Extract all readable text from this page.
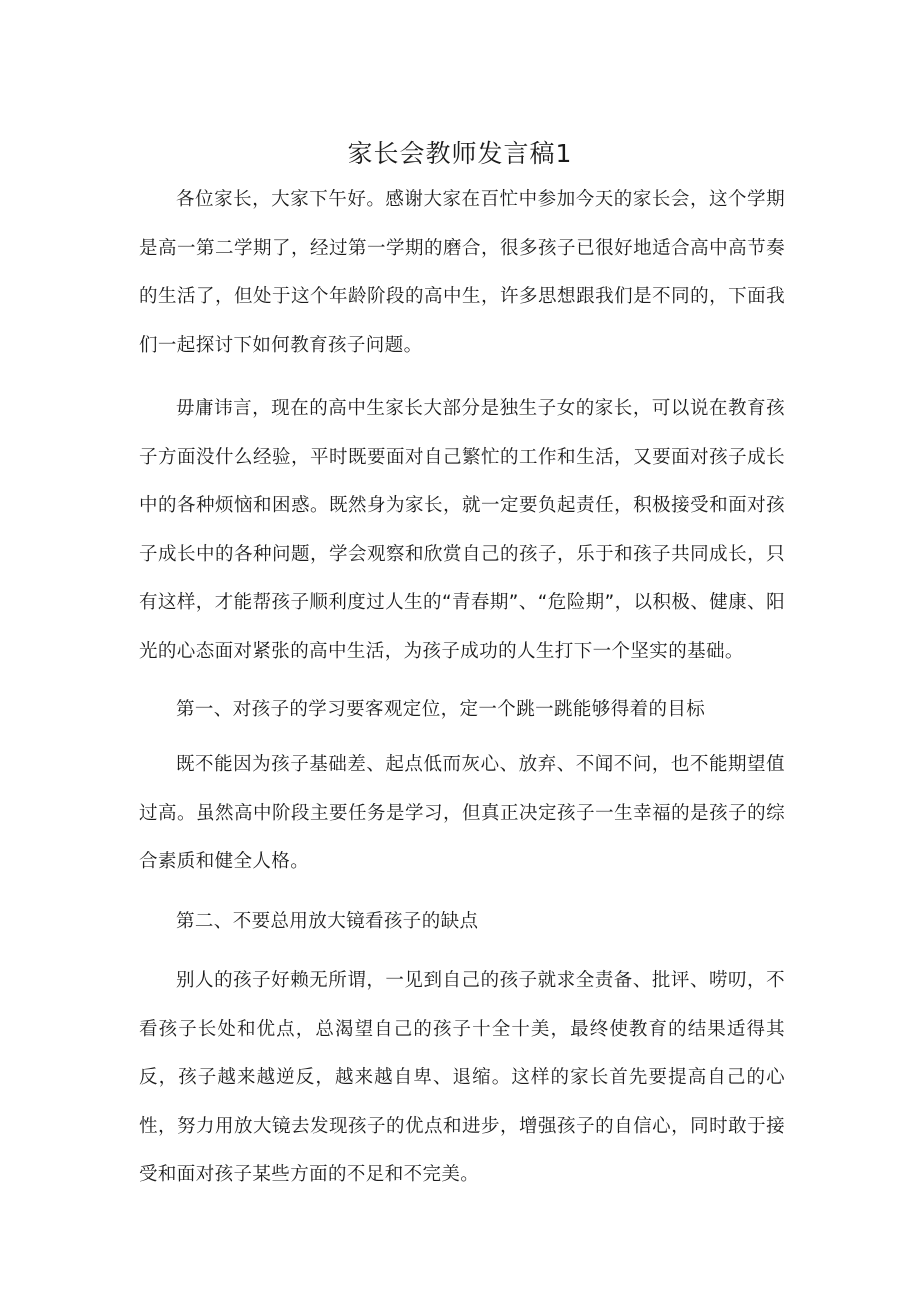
家长会教师发言稿1

各位家长，大家下午好。感谢大家在百忙中参加今天的家长会，这个学期是高一第二学期了，经过第一学期的磨合，很多孩子已很好地适合高中高节奏的生活了，但处于这个年龄阶段的高中生，许多思想跟我们是不同的，下面我们一起探讨下如何教育孩子问题。

毋庸讳言，现在的高中生家长大部分是独生子女的家长，可以说在教育孩子方面没什么经验，平时既要面对自己繁忙的工作和生活，又要面对孩子成长中的各种烦恼和困惑。既然身为家长，就一定要负起责任，积极接受和面对孩子成长中的各种问题，学会观察和欣赏自己的孩子，乐于和孩子共同成长，只有这样，才能帮孩子顺利度过人生的“青春期”、“危险期”，以积极、健康、阳光的心态面对紧张的高中生活，为孩子成功的人生打下一个坚实的基础。

第一、对孩子的学习要客观定位，定一个跳一跳能够得着的目标

既不能因为孩子基础差、起点低而灰心、放弃、不闻不问，也不能期望值过高。虽然高中阶段主要任务是学习，但真正决定孩子一生幸福的是孩子的综合素质和健全人格。

第二、不要总用放大镜看孩子的缺点

别人的孩子好赖无所谓，一见到自己的孩子就求全责备、批评、唠叨，不看孩子长处和优点，总渴望自己的孩子十全十美，最终使教育的结果适得其反，孩子越来越逆反，越来越自卑、退缩。这样的家长首先要提高自己的心性，努力用放大镜去发现孩子的优点和进步，增强孩子的自信心，同时敢于接受和面对孩子某些方面的不足和不完美。
